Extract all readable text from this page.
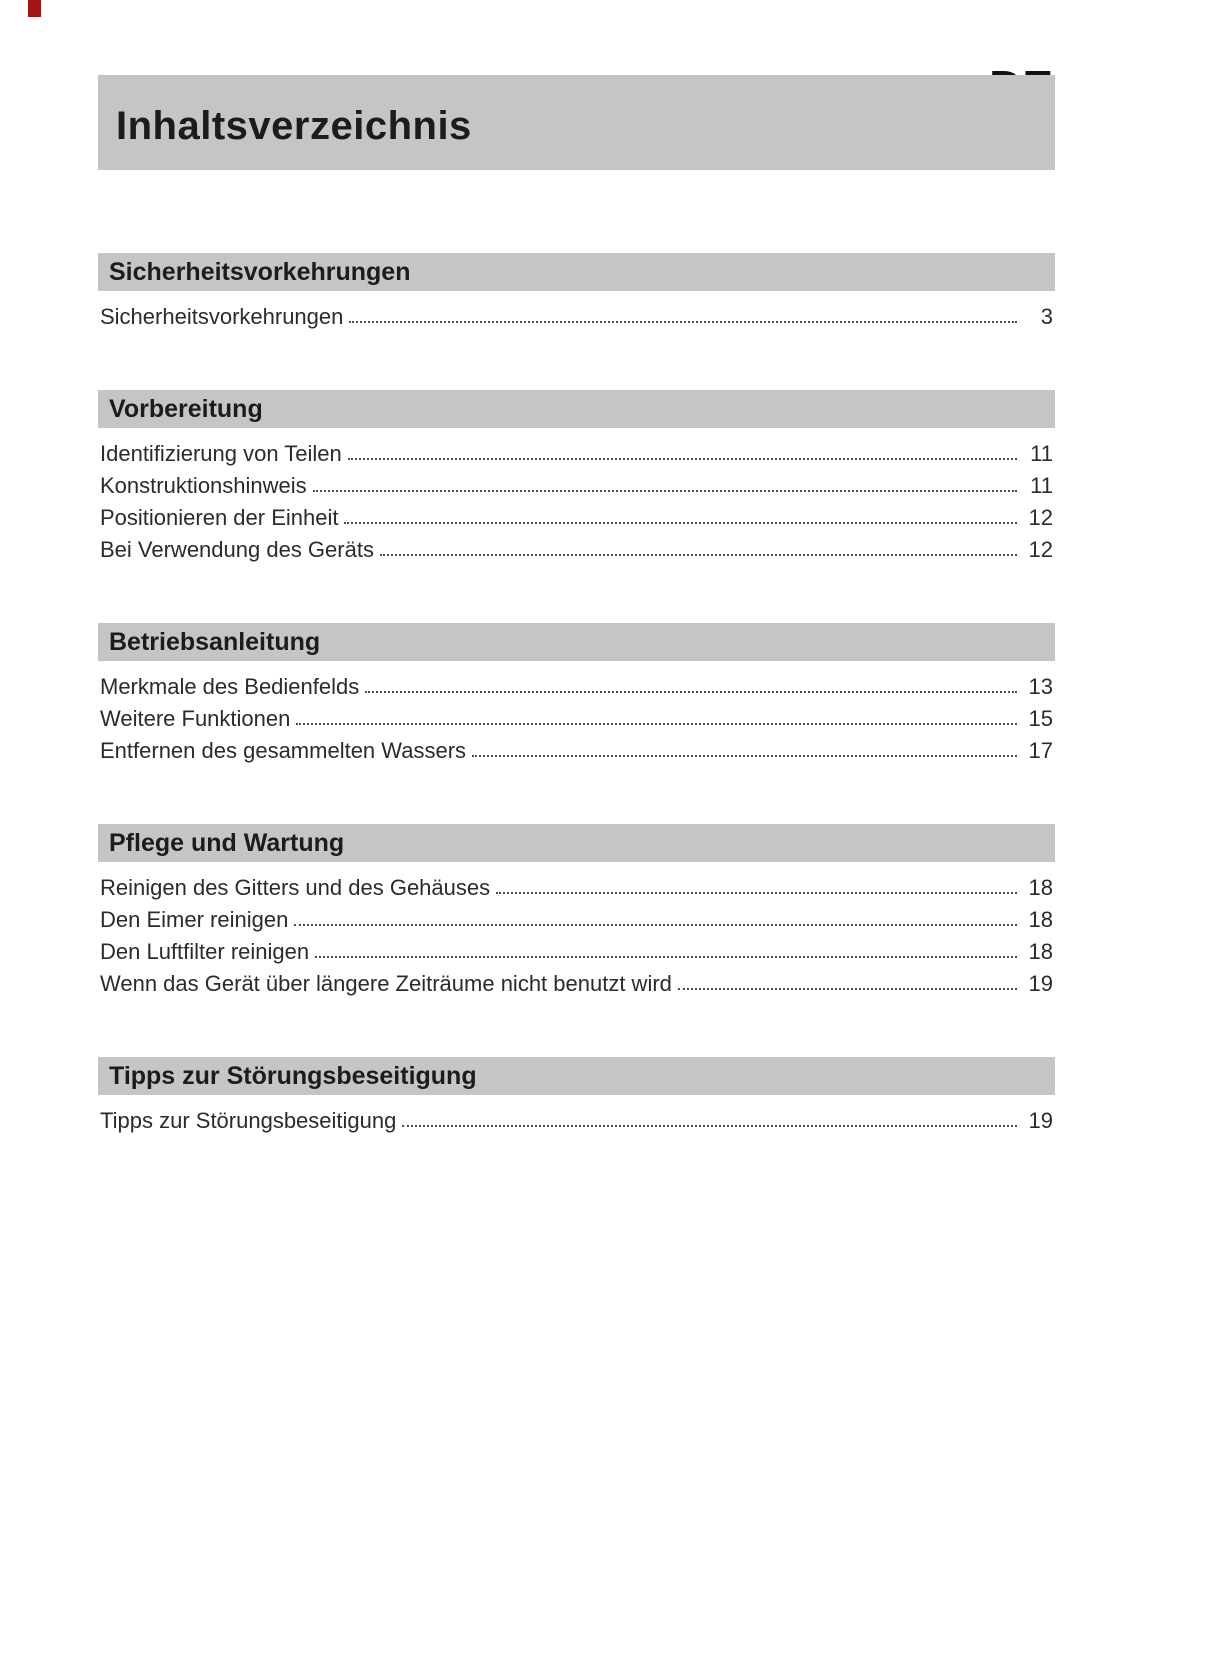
Inhaltsverzeichnis
Sicherheitsvorkehrungen
Sicherheitsvorkehrungen	3
Vorbereitung
Identifizierung von Teilen	11
Konstruktionshinweis	11
Positionieren der Einheit	12
Bei Verwendung des Geräts	12
Betriebsanleitung
Merkmale des Bedienfelds	13
Weitere Funktionen	15
Entfernen des gesammelten Wassers	17
Pflege und Wartung
Reinigen des Gitters und des Gehäuses	18
Den Eimer reinigen	18
Den Luftfilter reinigen	18
Wenn das Gerät über längere Zeiträume nicht benutzt wird	19
Tipps zur Störungsbeseitigung
Tipps zur Störungsbeseitigung	19
